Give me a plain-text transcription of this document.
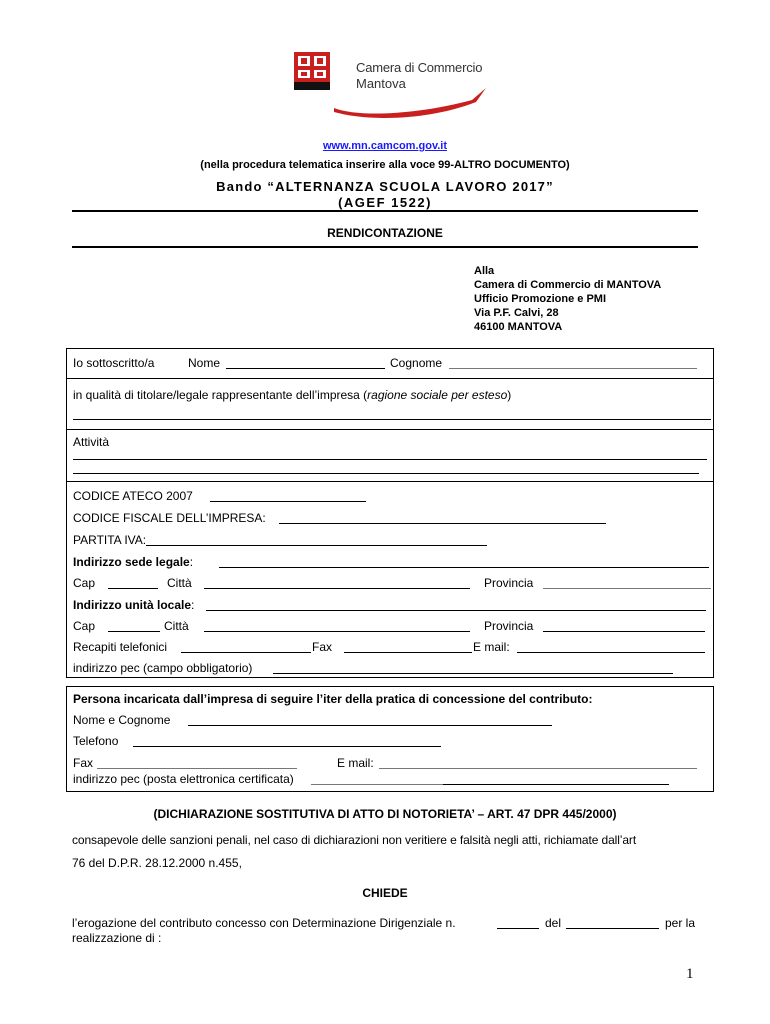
Camera di Commercio
Mantova
www.mn.camcom.gov.it
(nella procedura telematica inserire alla voce 99-ALTRO DOCUMENTO)
Bando “ALTERNANZA SCUOLA LAVORO 2017”
(AGEF 1522)
RENDICONTAZIONE
Alla
Camera di Commercio di MANTOVA
Ufficio Promozione e PMI
Via P.F. Calvi, 28
46100 MANTOVA
Io sottoscritto/a	Nome	Cognome
in qualità di titolare/legale rappresentante dell’impresa (ragione sociale per esteso)
Attività
CODICE ATECO 2007
CODICE FISCALE DELL’IMPRESA:
PARTITA IVA:
Indirizzo sede legale:
Cap	Città	Provincia
Indirizzo unità locale:
Cap	Città	Provincia
Recapiti telefonici	Fax	E mail:
indirizzo pec (campo obbligatorio)
Persona incaricata dall’impresa di seguire l’iter della pratica di concessione del contributo:
Nome e Cognome
Telefono
Fax	E mail:
indirizzo pec (posta elettronica certificata)
(DICHIARAZIONE SOSTITUTIVA DI ATTO DI NOTORIETA’ – ART. 47 DPR 445/2000)
consapevole delle sanzioni penali, nel caso di dichiarazioni non veritiere e falsità negli atti, richiamate dall’art
76 del D.P.R. 28.12.2000 n.455,
CHIEDE
l’erogazione del contributo concesso con Determinazione Dirigenziale n.	del	per la
realizzazione di :
1
